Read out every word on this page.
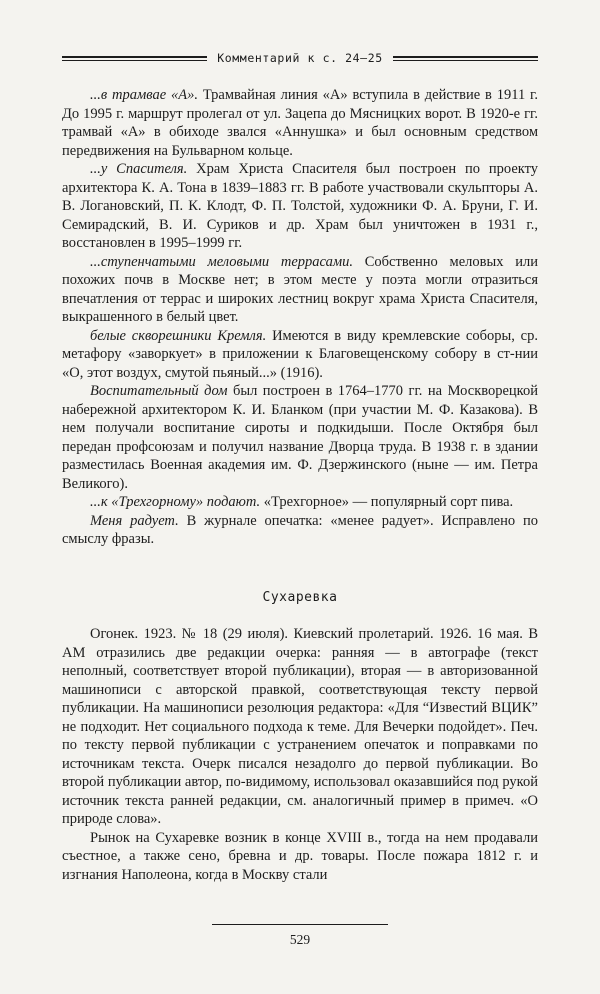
Комментарий к с. 24–25

...в трамвае «А». Трамвайная линия «А» вступила в действие в 1911 г. До 1995 г. маршрут пролегал от ул. Зацепа до Мясницких ворот. В 1920-е гг. трамвай «А» в обиходе звался «Аннушка» и был основным средством передвижения на Бульварном кольце.

...у Спасителя. Храм Христа Спасителя был построен по проекту архитектора К. А. Тона в 1839–1883 гг. В работе участвовали скульпторы А. В. Логановский, П. К. Клодт, Ф. П. Толстой, художники Ф. А. Бруни, Г. И. Семирадский, В. И. Суриков и др. Храм был уничтожен в 1931 г., восстановлен в 1995–1999 гг.

...ступенчатыми меловыми террасами. Собственно меловых или похожих почв в Москве нет; в этом месте у поэта могли отразиться впечатления от террас и широких лестниц вокруг храма Христа Спасителя, выкрашенного в белый цвет.

белые скворешники Кремля. Имеются в виду кремлевские соборы, ср. метафору «заворкует» в приложении к Благовещенскому собору в ст-нии «О, этот воздух, смутой пьяный...» (1916).

Воспитательный дом был построен в 1764–1770 гг. на Москворецкой набережной архитектором К. И. Бланком (при участии М. Ф. Казакова). В нем получали воспитание сироты и подкидыши. После Октября был передан профсоюзам и получил название Дворца труда. В 1938 г. в здании разместилась Военная академия им. Ф. Дзержинского (ныне — им. Петра Великого).

...к «Трехгорному» подают. «Трехгорное» — популярный сорт пива.

Меня радует. В журнале опечатка: «менее радует». Исправлено по смыслу фразы.

Сухаревка

Огонек. 1923. № 18 (29 июля). Киевский пролетарий. 1926. 16 мая. В АМ отразились две редакции очерка: ранняя — в автографе (текст неполный, соответствует второй публикации), вторая — в авторизованной машинописи с авторской правкой, соответствующая тексту первой публикации. На машинописи резолюция редактора: «Для “Известий ВЦИК” не подходит. Нет социального подхода к теме. Для Вечерки подойдет». Печ. по тексту первой публикации с устранением опечаток и поправками по источникам текста. Очерк писался незадолго до первой публикации. Во второй публикации автор, по-видимому, использовал оказавшийся под рукой источник текста ранней редакции, см. аналогичный пример в примеч. «О природе слова».

Рынок на Сухаревке возник в конце XVIII в., тогда на нем продавали съестное, а также сено, бревна и др. товары. После пожара 1812 г. и изгнания Наполеона, когда в Москву стали

529
